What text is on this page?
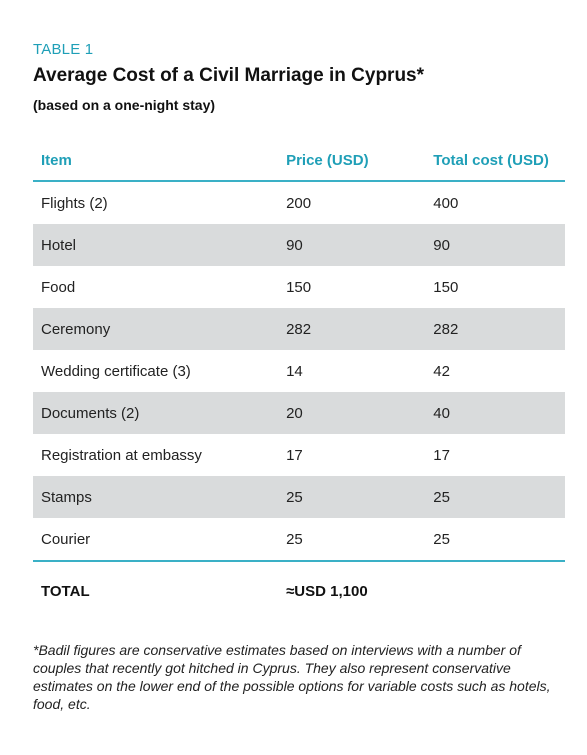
TABLE 1
Average Cost of a Civil Marriage in Cyprus*
(based on a one-night stay)
Item	Price (USD)	Total cost (USD)
Flights (2)	200	400
Hotel	90	90
Food	150	150
Ceremony	282	282
Wedding certificate (3)	14	42
Documents (2)	20	40
Registration at embassy	17	17
Stamps	25	25
Courier	25	25
TOTAL	≈USD 1,100	
*Badil figures are conservative estimates based on interviews with a number of couples that recently got hitched in Cyprus. They also represent conservative estimates on the lower end of the possible options for variable costs such as hotels, food, etc.
